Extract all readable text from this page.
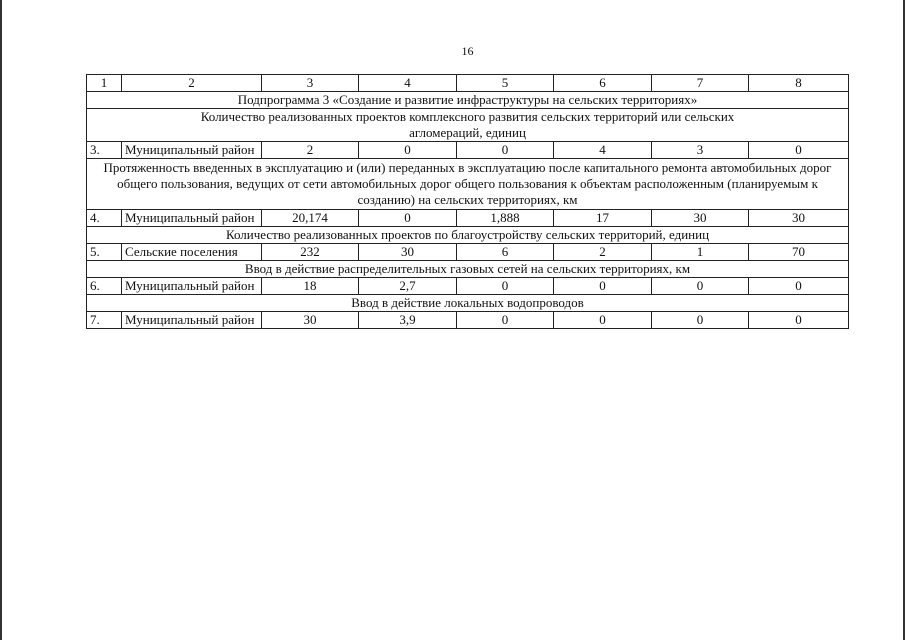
16
1	2	3	4	5	6	7	8
Подпрограмма 3 «Создание и развитие инфраструктуры на сельских территориях»							
Количество реализованных проектов комплексного развития сельских территорий или сельских агломераций, единиц							
3.	Муниципальный район	2	0	0	4	3	0
Протяженность введенных в эксплуатацию и (или) переданных в эксплуатацию после капитального ремонта автомобильных дорог общего пользования, ведущих от сети автомобильных дорог общего пользования к объектам расположенным (планируемым к созданию) на сельских территориях, км							
4.	Муниципальный район	20,174	0	1,888	17	30	30
Количество реализованных проектов по благоустройству сельских территорий, единиц							
5.	Сельские поселения	232	30	6	2	1	70
Ввод в действие распределительных газовых сетей на сельских территориях, км							
6.	Муниципальный район	18	2,7	0	0	0	0
Ввод в действие локальных водопроводов							
7.	Муниципальный район	30	3,9	0	0	0	0
